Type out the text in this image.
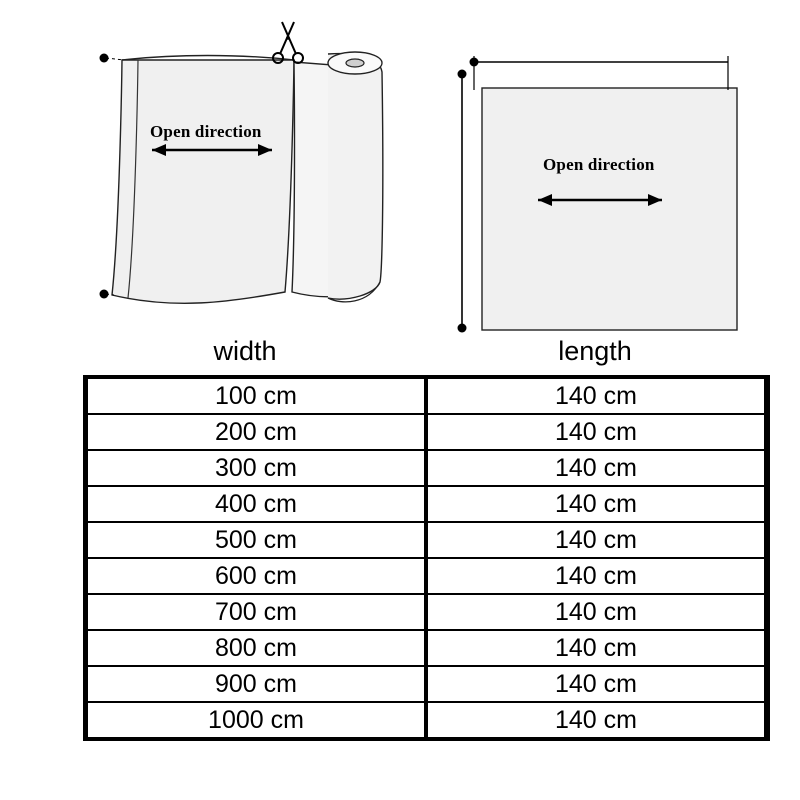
Open direction
Open direction
width	length
100 cm	140 cm
200 cm	140 cm
300 cm	140 cm
400 cm	140 cm
500 cm	140 cm
600 cm	140 cm
700 cm	140 cm
800 cm	140 cm
900 cm	140 cm
1000 cm	140 cm
